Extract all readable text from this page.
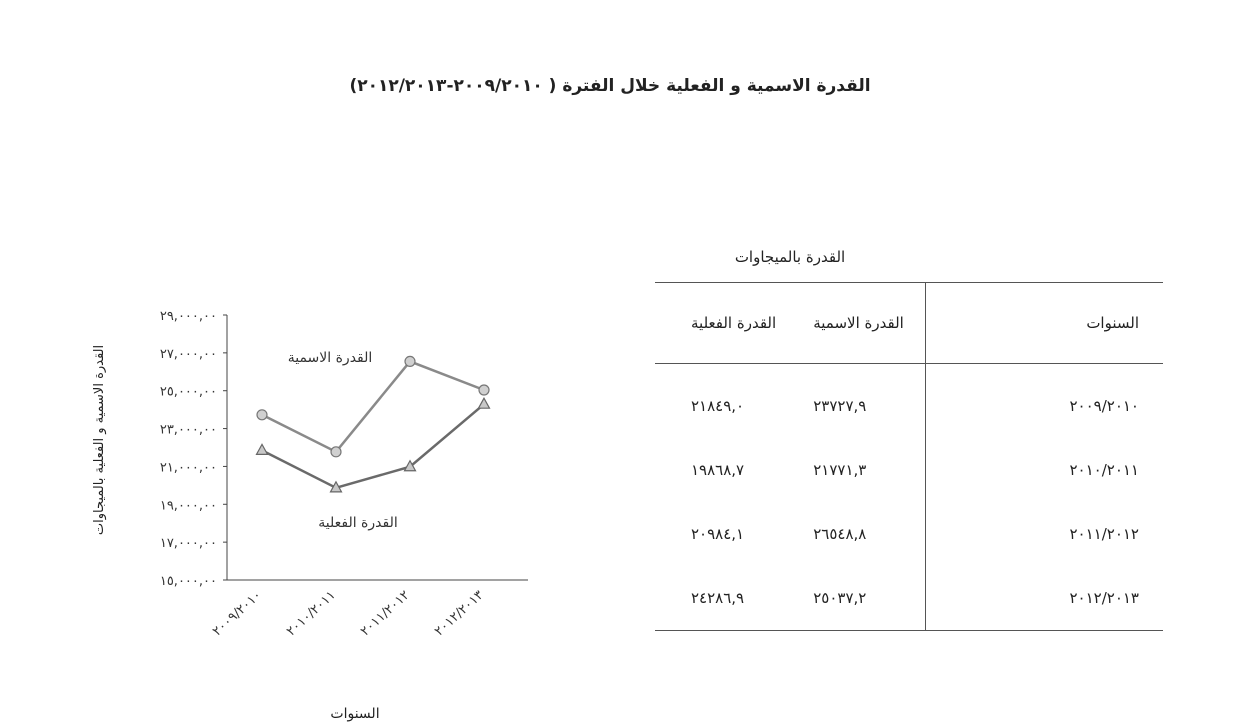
القدرة الاسمية و الفعلية خلال الفترة ( ٢٠٠٩/٢٠١٠-٢٠١٢/٢٠١٣)
١٥,٠٠٠,٠٠
١٧,٠٠٠,٠٠
١٩,٠٠٠,٠٠
٢١,٠٠٠,٠٠
٢٣,٠٠٠,٠٠
٢٥,٠٠٠,٠٠
٢٧,٠٠٠,٠٠
٢٩,٠٠٠,٠٠
٢٠٠٩/٢٠١٠ ٢٠١٠/٢٠١١ ٢٠١١/٢٠١٢ ٢٠١٢/٢٠١٣
القدرة الاسمية
القدرة الفعلية
القدرة الاسمية و الفعلية بالميجاوات
السنوات
القدرة بالميجاوات
السنوات	القدرة الاسمية	القدرة الفعلية
٢٠٠٩/٢٠١٠	٢٣٧٢٧,٩	٢١٨٤٩,٠
٢٠١٠/٢٠١١	٢١٧٧١,٣	١٩٨٦٨,٧
٢٠١١/٢٠١٢	٢٦٥٤٨,٨	٢٠٩٨٤,١
٢٠١٢/٢٠١٣	٢٥٠٣٧,٢	٢٤٢٨٦,٩
